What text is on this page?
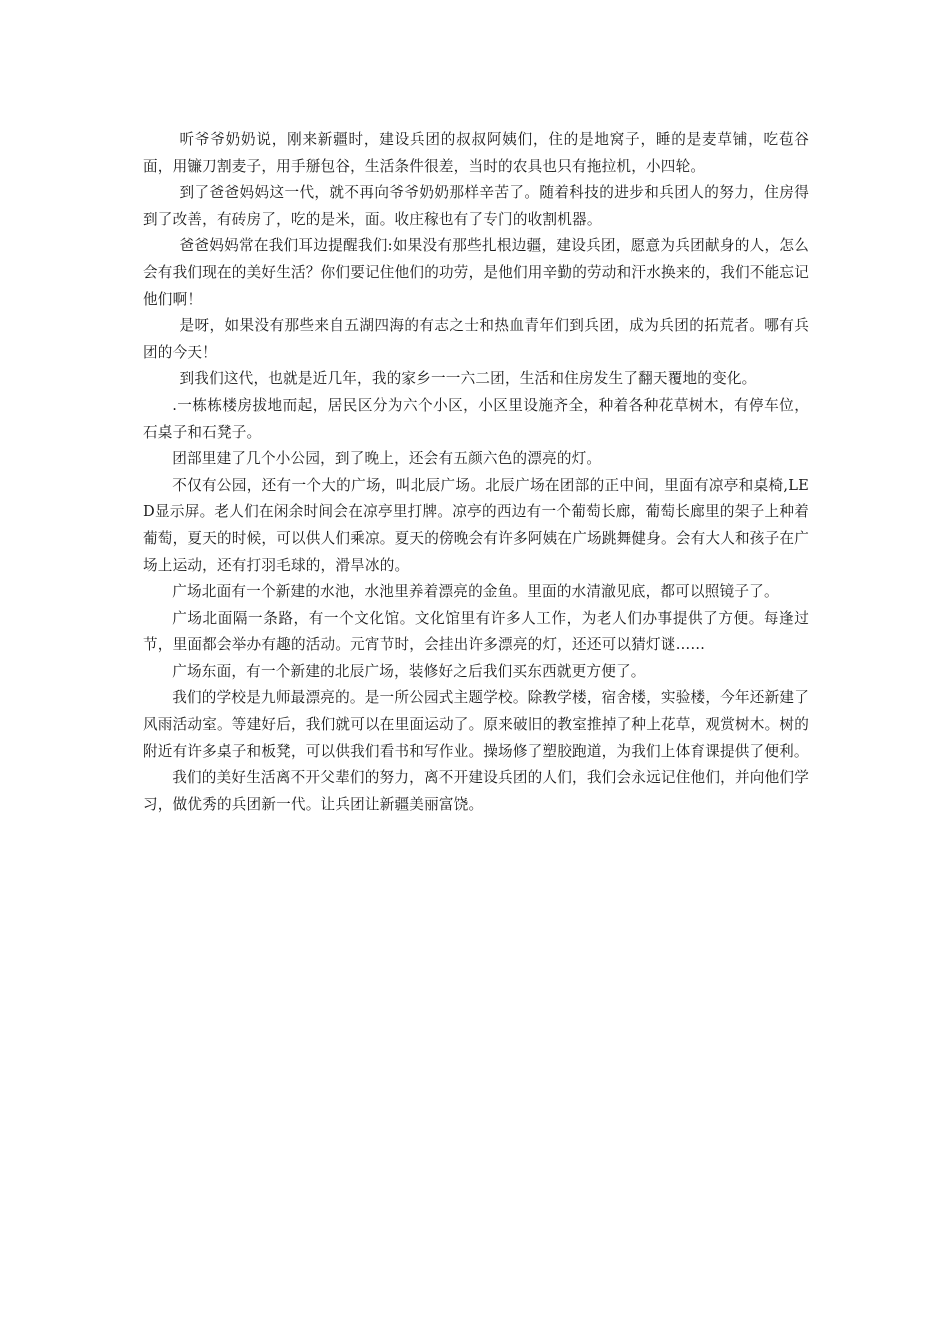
听爷爷奶奶说，刚来新疆时，建设兵团的叔叔阿姨们，住的是地窝子，睡的是麦草铺，吃苞谷面，用镰刀割麦子，用手掰包谷，生活条件很差，当时的农具也只有拖拉机，小四轮。

到了爸爸妈妈这一代，就不再向爷爷奶奶那样辛苦了。随着科技的进步和兵团人的努力，住房得到了改善，有砖房了，吃的是米，面。收庄稼也有了专门的收割机器。

爸爸妈妈常在我们耳边提醒我们:如果没有那些扎根边疆，建设兵团，愿意为兵团献身的人，怎么会有我们现在的美好生活？你们要记住他们的功劳，是他们用辛勤的劳动和汗水换来的，我们不能忘记他们啊！

是呀，如果没有那些来自五湖四海的有志之士和热血青年们到兵团，成为兵团的拓荒者。哪有兵团的今天！

到我们这代，也就是近几年，我的家乡一一六二团，生活和住房发生了翻天覆地的变化。

.一栋栋楼房拔地而起，居民区分为六个小区，小区里设施齐全，种着各种花草树木，有停车位，石桌子和石凳子。

团部里建了几个小公园，到了晚上，还会有五颜六色的漂亮的灯。

不仅有公园，还有一个大的广场，叫北辰广场。北辰广场在团部的正中间，里面有凉亭和桌椅,LED显示屏。老人们在闲余时间会在凉亭里打牌。凉亭的西边有一个葡萄长廊，葡萄长廊里的架子上种着葡萄，夏天的时候，可以供人们乘凉。夏天的傍晚会有许多阿姨在广场跳舞健身。会有大人和孩子在广场上运动，还有打羽毛球的，滑旱冰的。

广场北面有一个新建的水池，水池里养着漂亮的金鱼。里面的水清澈见底，都可以照镜子了。

广场北面隔一条路，有一个文化馆。文化馆里有许多人工作，为老人们办事提供了方便。每逢过节，里面都会举办有趣的活动。元宵节时，会挂出许多漂亮的灯，还还可以猜灯谜……

广场东面，有一个新建的北辰广场，装修好之后我们买东西就更方便了。

我们的学校是九师最漂亮的。是一所公园式主题学校。除教学楼，宿舍楼，实验楼，今年还新建了风雨活动室。等建好后，我们就可以在里面运动了。原来破旧的教室推掉了种上花草，观赏树木。树的附近有许多桌子和板凳，可以供我们看书和写作业。操场修了塑胶跑道，为我们上体育课提供了便利。

我们的美好生活离不开父辈们的努力，离不开建设兵团的人们，我们会永远记住他们，并向他们学习，做优秀的兵团新一代。让兵团让新疆美丽富饶。
